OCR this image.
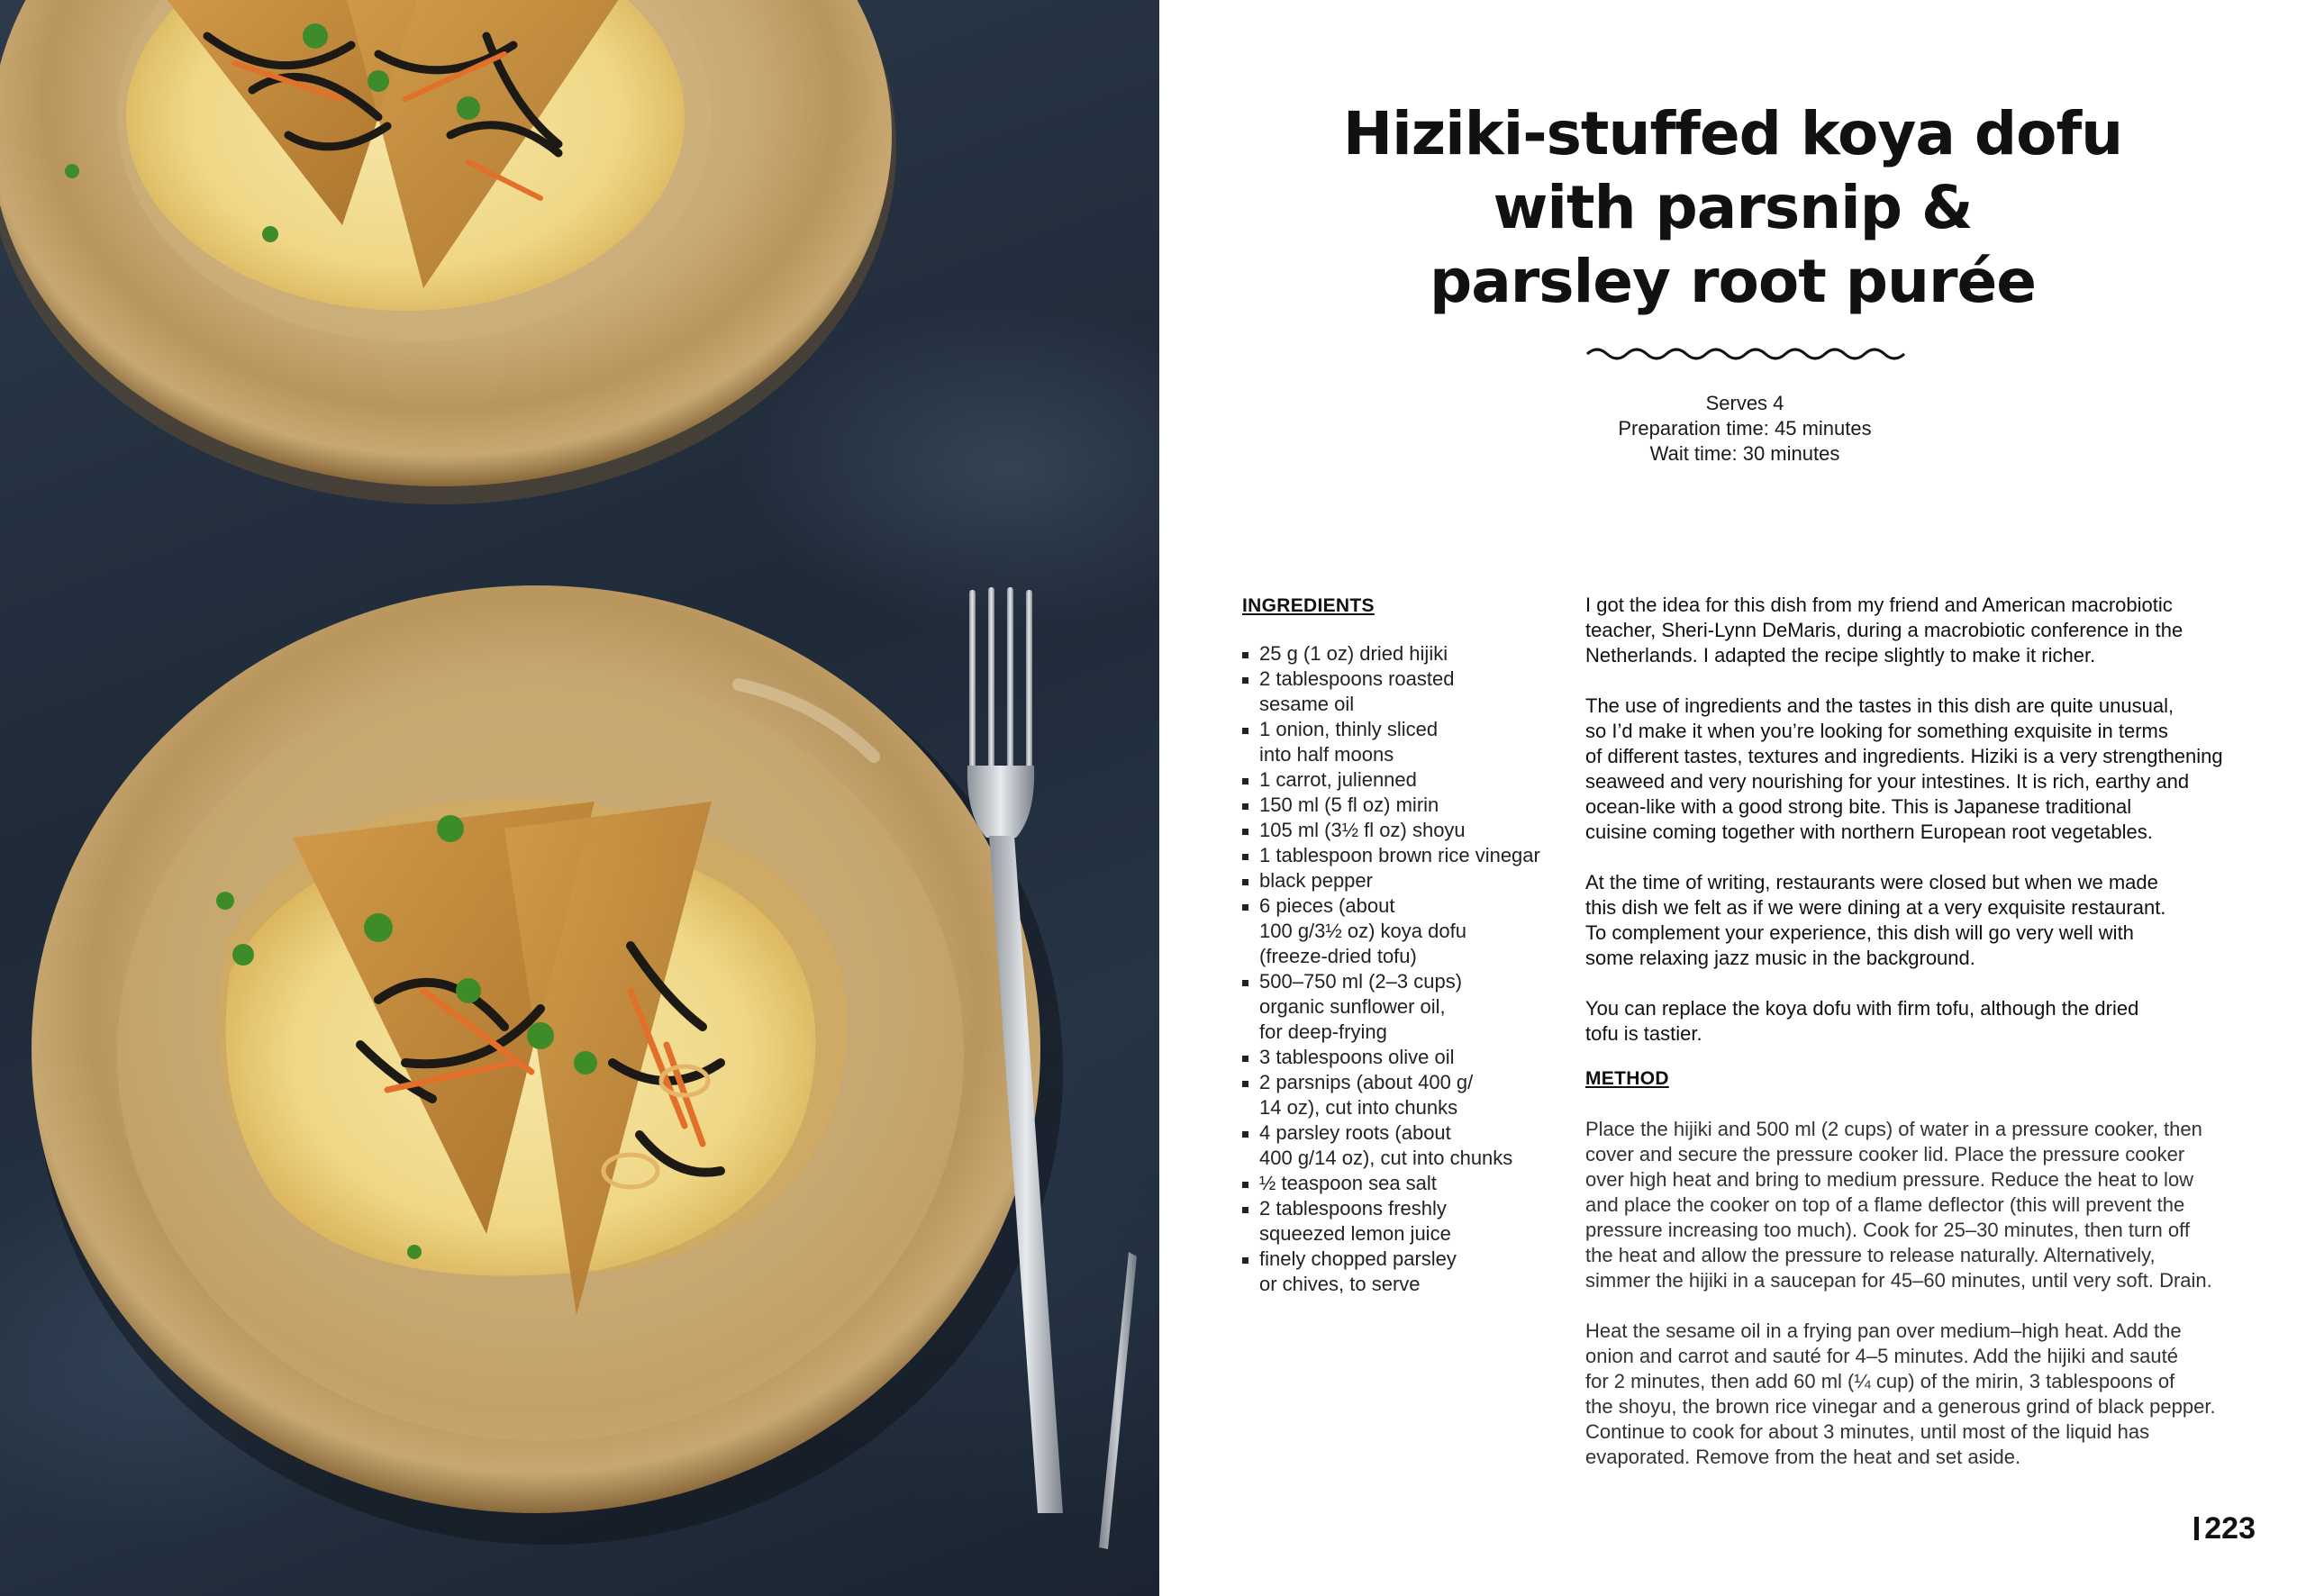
Hiziki-stuffed koya dofu
with parsnip &
parsley root purée
Serves 4
Preparation time: 45 minutes
Wait time: 30 minutes
INGREDIENTS
25 g (1 oz) dried hijiki
2 tablespoons roasted
sesame oil
1 onion, thinly sliced
into half moons
1 carrot, julienned
150 ml (5 fl oz) mirin
105 ml (3½ fl oz) shoyu
1 tablespoon brown rice vinegar
black pepper
6 pieces (about
100 g/3½ oz) koya dofu
(freeze-dried tofu)
500–750 ml (2–3 cups)
organic sunflower oil,
for deep-frying
3 tablespoons olive oil
2 parsnips (about 400 g/
14 oz), cut into chunks
4 parsley roots (about
400 g/14 oz), cut into chunks
½ teaspoon sea salt
2 tablespoons freshly
squeezed lemon juice
finely chopped parsley
or chives, to serve

I got the idea for this dish from my friend and American macrobiotic
teacher, Sheri-Lynn DeMaris, during a macrobiotic conference in the
Netherlands. I adapted the recipe slightly to make it richer.

The use of ingredients and the tastes in this dish are quite unusual,
so I’d make it when you’re looking for something exquisite in terms
of different tastes, textures and ingredients. Hiziki is a very strengthening
seaweed and very nourishing for your intestines. It is rich, earthy and
ocean-like with a good strong bite. This is Japanese traditional
cuisine coming together with northern European root vegetables.

At the time of writing, restaurants were closed but when we made
this dish we felt as if we were dining at a very exquisite restaurant.
To complement your experience, this dish will go very well with
some relaxing jazz music in the background.

You can replace the koya dofu with firm tofu, although the dried
tofu is tastier.

METHOD

Place the hijiki and 500 ml (2 cups) of water in a pressure cooker, then
cover and secure the pressure cooker lid. Place the pressure cooker
over high heat and bring to medium pressure. Reduce the heat to low
and place the cooker on top of a flame deflector (this will prevent the
pressure increasing too much). Cook for 25–30 minutes, then turn off
the heat and allow the pressure to release naturally. Alternatively,
simmer the hijiki in a saucepan for 45–60 minutes, until very soft. Drain.

Heat the sesame oil in a frying pan over medium–high heat. Add the
onion and carrot and sauté for 4–5 minutes. Add the hijiki and sauté
for 2 minutes, then add 60 ml (¼ cup) of the mirin, 3 tablespoons of
the shoyu, the brown rice vinegar and a generous grind of black pepper.
Continue to cook for about 3 minutes, until most of the liquid has
evaporated. Remove from the heat and set aside.

223
